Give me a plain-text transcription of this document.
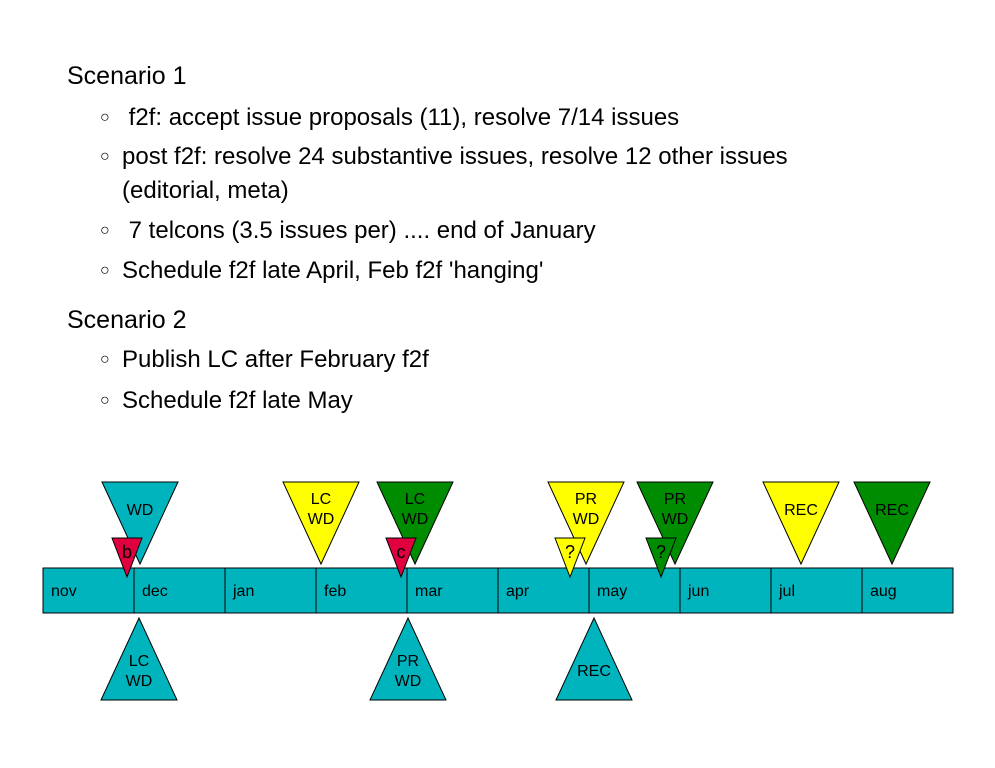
Scenario 1
○ f2f: accept issue proposals (11), resolve 7/14 issues
○ post f2f: resolve 24 substantive issues, resolve 12 other issues
(editorial, meta)
○ 7 telcons (3.5 issues per) .... end of January
○ Schedule f2f late April, Feb f2f 'hanging'
Scenario 2
○ Publish LC after February f2f
○ Schedule f2f late May
nov	dec	jan	feb	mar	apr	may	jun	jul	aug
WD
LC
WD
LC
WD
PR
WD
PR
WD
REC	REC
b	c	?	?
LC
WD
PR
WD
REC
